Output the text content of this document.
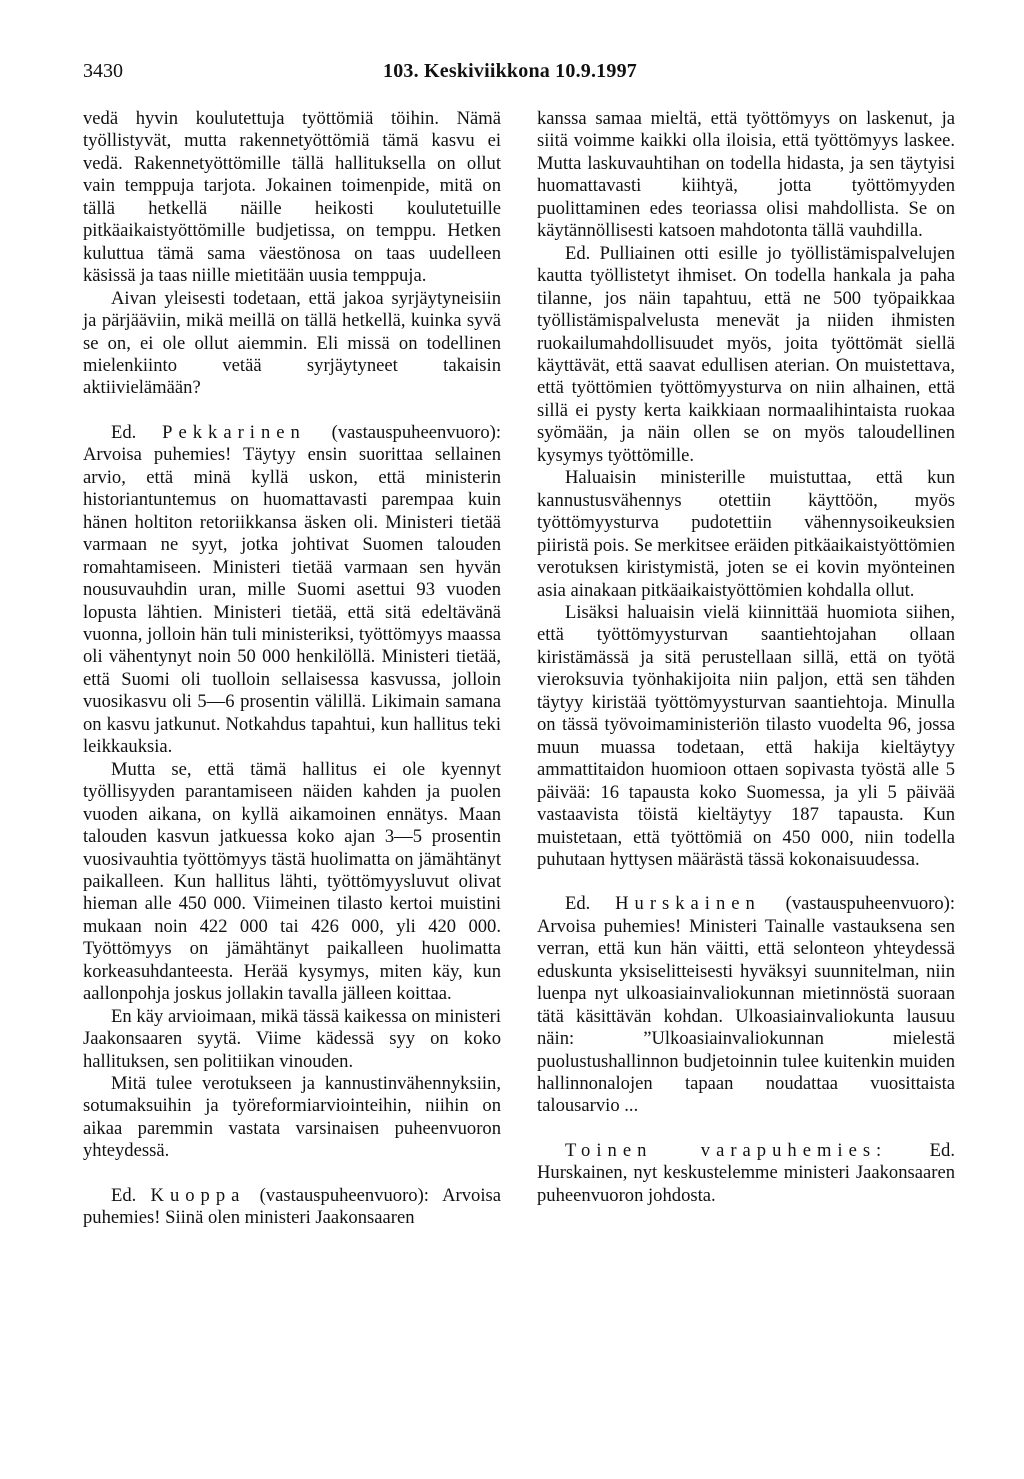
3430	103. Keskiviikkona 10.9.1997

vedä hyvin koulutettuja työttömiä töihin. Nämä työllistyvät, mutta rakennetyöttömiä tämä kasvu ei vedä. Rakennetyöttömille tällä hallituksella on ollut vain temppuja tarjota. Jokainen toimenpide, mitä on tällä hetkellä näille heikosti koulutetuille pitkäaikaistyöttömille budjetissa, on temppu. Hetken kuluttua tämä sama väestönosa on taas uudelleen käsissä ja taas niille mietitään uusia temppuja.

Aivan yleisesti todetaan, että jakoa syrjäytyneisiin ja pärjääviin, mikä meillä on tällä hetkellä, kuinka syvä se on, ei ole ollut aiemmin. Eli missä on todellinen mielenkiinto vetää syrjäytyneet takaisin aktiivielämään?

Ed. Pekkarinen (vastauspuheenvuoro): Arvoisa puhemies! Täytyy ensin suorittaa sellainen arvio, että minä kyllä uskon, että ministerin historiantuntemus on huomattavasti parempaa kuin hänen holtiton retoriikkansa äsken oli. Ministeri tietää varmaan ne syyt, jotka johtivat Suomen talouden romahtamiseen. Ministeri tietää varmaan sen hyvän nousuvauhdin uran, mille Suomi asettui 93 vuoden lopusta lähtien. Ministeri tietää, että sitä edeltävänä vuonna, jolloin hän tuli ministeriksi, työttömyys maassa oli vähentynyt noin 50 000 henkilöllä. Ministeri tietää, että Suomi oli tuolloin sellaisessa kasvussa, jolloin vuosikasvu oli 5—6 prosentin välillä. Likimain samana on kasvu jatkunut. Notkahdus tapahtui, kun hallitus teki leikkauksia.

Mutta se, että tämä hallitus ei ole kyennyt työllisyyden parantamiseen näiden kahden ja puolen vuoden aikana, on kyllä aikamoinen ennätys. Maan talouden kasvun jatkuessa koko ajan 3—5 prosentin vuosivauhtia työttömyys tästä huolimatta on jämähtänyt paikalleen. Kun hallitus lähti, työttömyysluvut olivat hieman alle 450 000. Viimeinen tilasto kertoi muistini mukaan noin 422 000 tai 426 000, yli 420 000. Työttömyys on jämähtänyt paikalleen huolimatta korkeasuhdanteesta. Herää kysymys, miten käy, kun aallonpohja joskus jollakin tavalla jälleen koittaa.

En käy arvioimaan, mikä tässä kaikessa on ministeri Jaakonsaaren syytä. Viime kädessä syy on koko hallituksen, sen politiikan vinouden.

Mitä tulee verotukseen ja kannustinvähennyksiin, sotumaksuihin ja työreformiarviointeihin, niihin on aikaa paremmin vastata varsinaisen puheenvuoron yhteydessä.

Ed. Kuoppa (vastauspuheenvuoro): Arvoisa puhemies! Siinä olen ministeri Jaakonsaaren

kanssa samaa mieltä, että työttömyys on laskenut, ja siitä voimme kaikki olla iloisia, että työttömyys laskee. Mutta laskuvauhtihan on todella hidasta, ja sen täytyisi huomattavasti kiihtyä, jotta työttömyyden puolittaminen edes teoriassa olisi mahdollista. Se on käytännöllisesti katsoen mahdotonta tällä vauhdilla.

Ed. Pulliainen otti esille jo työllistämispalvelujen kautta työllistetyt ihmiset. On todella hankala ja paha tilanne, jos näin tapahtuu, että ne 500 työpaikkaa työllistämispalvelusta menevät ja niiden ihmisten ruokailumahdollisuudet myös, joita työttömät siellä käyttävät, että saavat edullisen aterian. On muistettava, että työttömien työttömyysturva on niin alhainen, että sillä ei pysty kerta kaikkiaan normaalihintaista ruokaa syömään, ja näin ollen se on myös taloudellinen kysymys työttömille.

Haluaisin ministerille muistuttaa, että kun kannustusvähennys otettiin käyttöön, myös työttömyysturva pudotettiin vähennysoikeuksien piiristä pois. Se merkitsee eräiden pitkäaikaistyöttömien verotuksen kiristymistä, joten se ei kovin myönteinen asia ainakaan pitkäaikaistyöttömien kohdalla ollut.

Lisäksi haluaisin vielä kiinnittää huomiota siihen, että työttömyysturvan saantiehtojahan ollaan kiristämässä ja sitä perustellaan sillä, että on työtä vieroksuvia työnhakijoita niin paljon, että sen tähden täytyy kiristää työttömyysturvan saantiehtoja. Minulla on tässä työvoimaministeriön tilasto vuodelta 96, jossa muun muassa todetaan, että hakija kieltäytyy ammattitaidon huomioon ottaen sopivasta työstä alle 5 päivää: 16 tapausta koko Suomessa, ja yli 5 päivää vastaavista töistä kieltäytyy 187 tapausta. Kun muistetaan, että työttömiä on 450 000, niin todella puhutaan hyttysen määrästä tässä kokonaisuudessa.

Ed. Hurskainen (vastauspuheenvuoro): Arvoisa puhemies! Ministeri Tainalle vastauksena sen verran, että kun hän väitti, että selonteon yhteydessä eduskunta yksiselitteisesti hyväksyi suunnitelman, niin luenpa nyt ulkoasiainvaliokunnan mietinnöstä suoraan tätä käsittävän kohdan. Ulkoasiainvaliokunta lausuu näin: ”Ulkoasiainvaliokunnan mielestä puolustushallinnon budjetoinnin tulee kuitenkin muiden hallinnonalojen tapaan noudattaa vuosittaista talousarvio ...

Toinen varapuhemies: Ed. Hurskainen, nyt keskustelemme ministeri Jaakonsaaren puheenvuoron johdosta.
